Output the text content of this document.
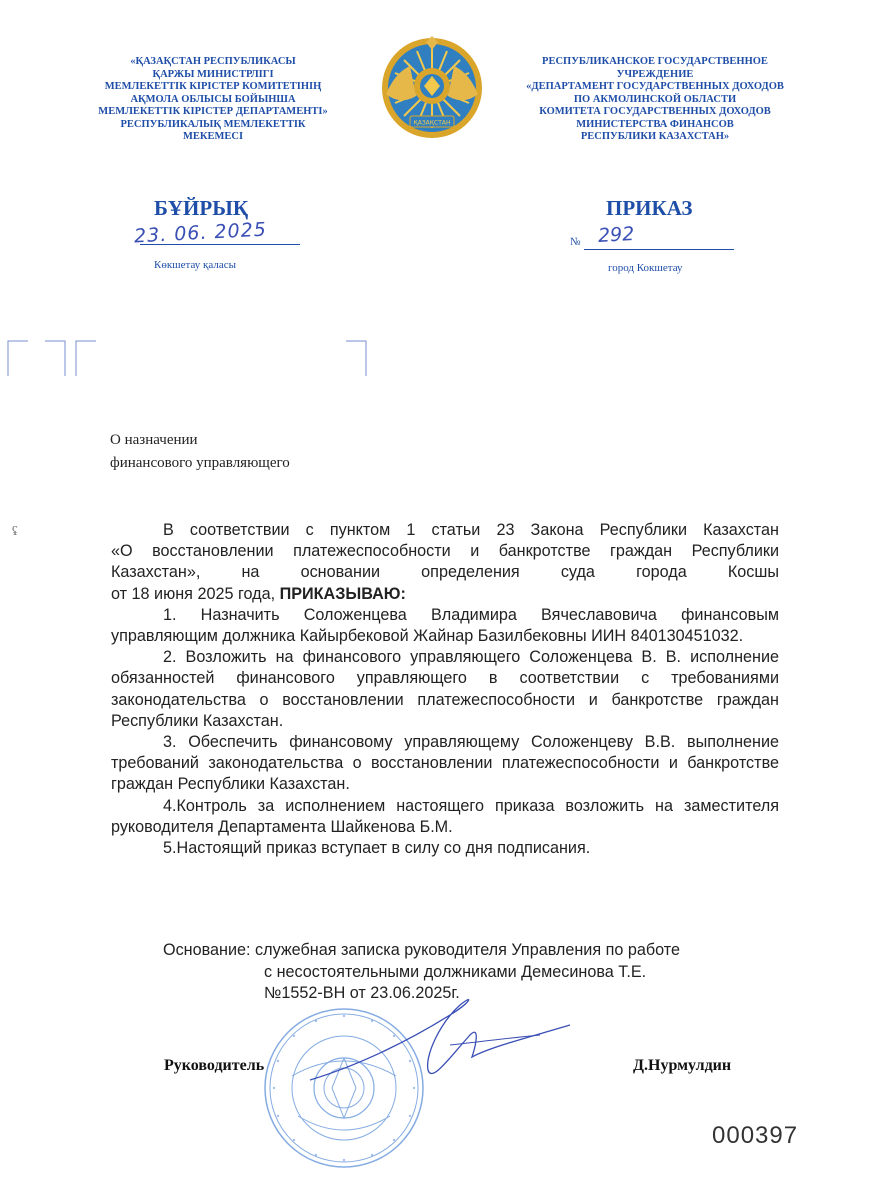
«ҚАЗАҚСТАН РЕСПУБЛИКАСЫ
ҚАРЖЫ МИНИСТРЛІГІ
МЕМЛЕКЕТТІК КІРІСТЕР КОМИТЕТІНІҢ
АҚМОЛА ОБЛЫСЫ БОЙЫНША
МЕМЛЕКЕТТІК КІРІСТЕР ДЕПАРТАМЕНТІ»
РЕСПУБЛИКАЛЫҚ МЕМЛЕКЕТТІК
МЕКЕМЕСІ
ҚАЗАҚСТАН
РЕСПУБЛИКАНСКОЕ ГОСУДАРСТВЕННОЕ
УЧРЕЖДЕНИЕ
«ДЕПАРТАМЕНТ ГОСУДАРСТВЕННЫХ ДОХОДОВ
ПО АКМОЛИНСКОЙ ОБЛАСТИ
КОМИТЕТА ГОСУДАРСТВЕННЫХ ДОХОДОВ
МИНИСТЕРСТВА ФИНАНСОВ
РЕСПУБЛИКИ КАЗАХСТАН»
БҰЙРЫҚ	ПРИКАЗ
23. 06. 2025	№ 292
Көкшетау қаласы	город Кокшетау
ʢ
О назначении
финансового управляющего

В соответствии с пунктом 1 статьи 23 Закона Республики Казахстан

«О восстановлении платежеспособности и банкротстве граждан Республики

Казахстан», на основании определения суда города Косшы

от 18 июня 2025 года, ПРИКАЗЫВАЮ:

1. Назначить Соложенцева Владимира Вячеславовича финансовым управляющим должника Кайырбековой Жайнар Базилбековны ИИН 840130451032.

2. Возложить на финансового управляющего Соложенцева В. В. исполнение обязанностей финансового управляющего в соответствии с требованиями законодательства о восстановлении платежеспособности и банкротстве граждан Республики Казахстан.

3. Обеспечить финансовому управляющему Соложенцеву В.В. выполнение требований законодательства о восстановлении платежеспособности и банкротстве граждан Республики Казахстан.

4.Контроль за исполнением настоящего приказа возложить на заместителя руководителя Департамента Шайкенова Б.М.

5.Настоящий приказ вступает в силу со дня подписания.

Основание: служебная записка руководителя Управления по работе
с несостоятельными должниками Демесинова Т.Е.
№1552-ВН от 23.06.2025г.
Руководитель	Д.Нурмулдин
000397
